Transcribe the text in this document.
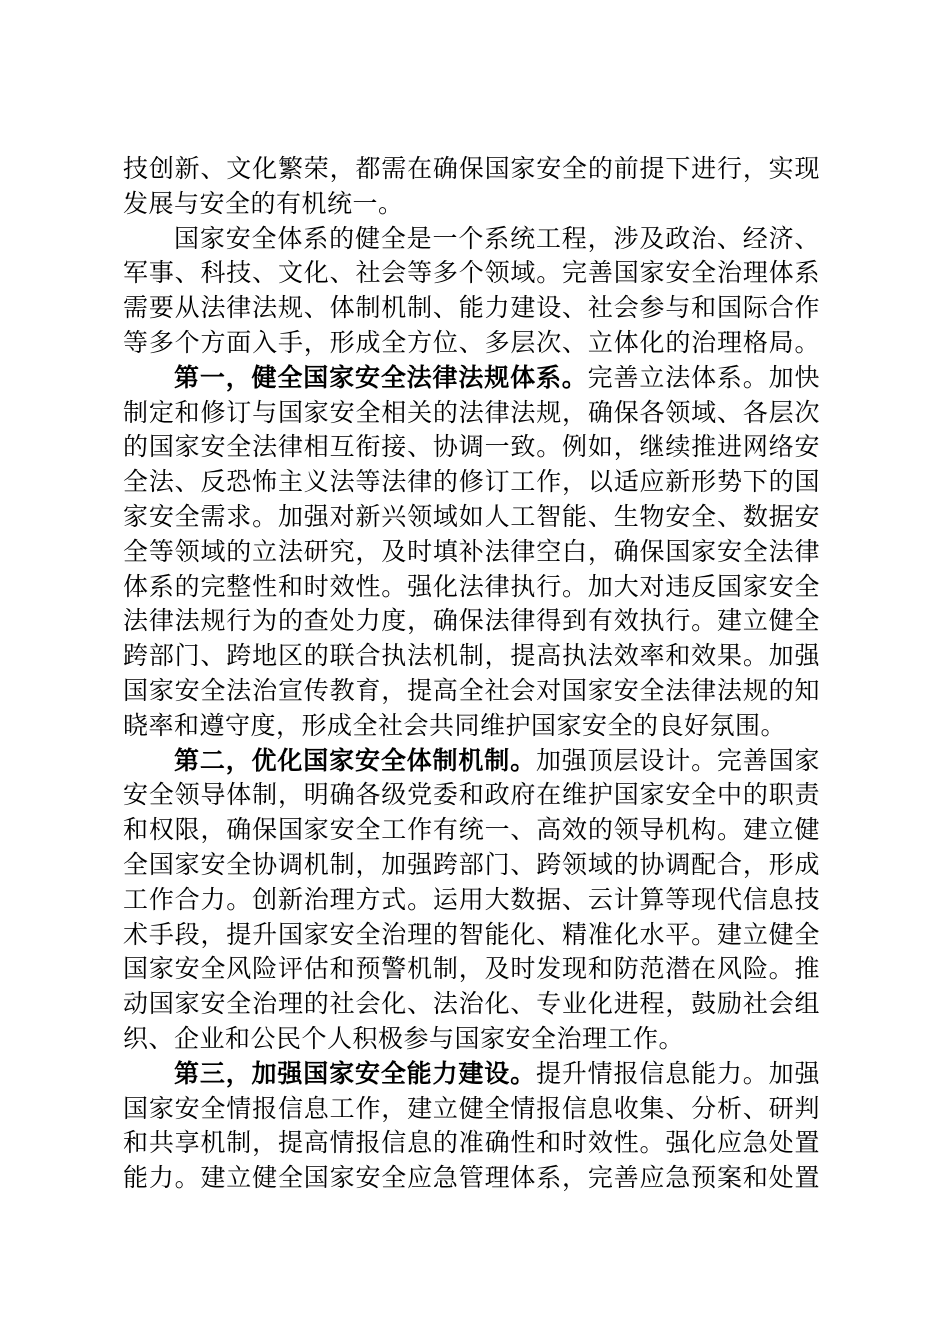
技创新、文化繁荣，都需在确保国家安全的前提下进行，实现
发展与安全的有机统一。
国家安全体系的健全是一个系统工程，涉及政治、经济、
军事、科技、文化、社会等多个领域。完善国家安全治理体系
需要从法律法规、体制机制、能力建设、社会参与和国际合作
等多个方面入手，形成全方位、多层次、立体化的治理格局。
第一，健全国家安全法律法规体系。完善立法体系。加快
制定和修订与国家安全相关的法律法规，确保各领域、各层次
的国家安全法律相互衔接、协调一致。例如，继续推进网络安
全法、反恐怖主义法等法律的修订工作，以适应新形势下的国
家安全需求。加强对新兴领域如人工智能、生物安全、数据安
全等领域的立法研究，及时填补法律空白，确保国家安全法律
体系的完整性和时效性。强化法律执行。加大对违反国家安全
法律法规行为的查处力度，确保法律得到有效执行。建立健全
跨部门、跨地区的联合执法机制，提高执法效率和效果。加强
国家安全法治宣传教育，提高全社会对国家安全法律法规的知
晓率和遵守度，形成全社会共同维护国家安全的良好氛围。
第二，优化国家安全体制机制。加强顶层设计。完善国家
安全领导体制，明确各级党委和政府在维护国家安全中的职责
和权限，确保国家安全工作有统一、高效的领导机构。建立健
全国家安全协调机制，加强跨部门、跨领域的协调配合，形成
工作合力。创新治理方式。运用大数据、云计算等现代信息技
术手段，提升国家安全治理的智能化、精准化水平。建立健全
国家安全风险评估和预警机制，及时发现和防范潜在风险。推
动国家安全治理的社会化、法治化、专业化进程，鼓励社会组
织、企业和公民个人积极参与国家安全治理工作。
第三，加强国家安全能力建设。提升情报信息能力。加强
国家安全情报信息工作，建立健全情报信息收集、分析、研判
和共享机制，提高情报信息的准确性和时效性。强化应急处置
能力。建立健全国家安全应急管理体系，完善应急预案和处置
